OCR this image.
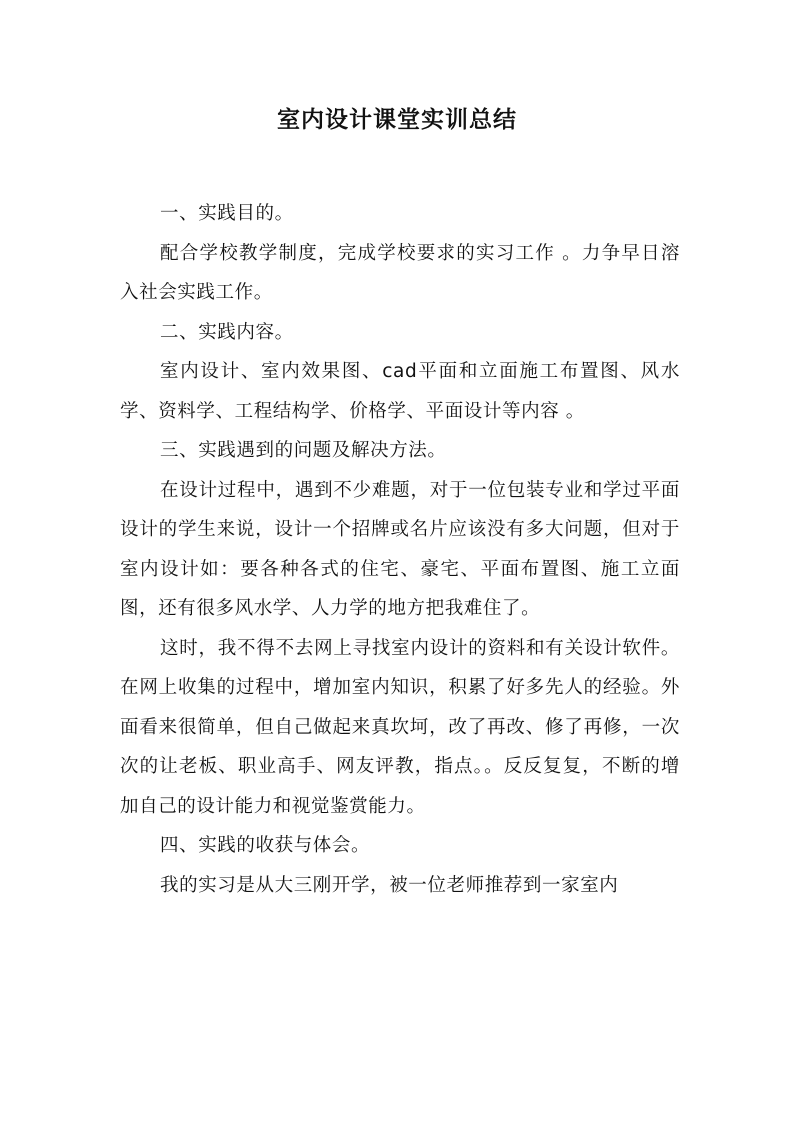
室内设计课堂实训总结

一、实践目的。

配合学校教学制度，完成学校要求的实习工作 。力争早日溶入社会实践工作。

二、实践内容。

室内设计、室内效果图、cad平面和立面施工布置图、风水学、资料学、工程结构学、价格学、平面设计等内容 。

三、实践遇到的问题及解决方法。

在设计过程中，遇到不少难题，对于一位包装专业和学过平面设计的学生来说，设计一个招牌或名片应该没有多大问题，但对于室内设计如：要各种各式的住宅、豪宅、平面布置图、施工立面图，还有很多风水学、人力学的地方把我难住了。

这时，我不得不去网上寻找室内设计的资料和有关设计软件。在网上收集的过程中，增加室内知识，积累了好多先人的经验。外面看来很简单，但自己做起来真坎坷，改了再改、修了再修，一次次的让老板、职业高手、网友评教，指点。。反反复复，不断的增加自己的设计能力和视觉鉴赏能力。

四、实践的收获与体会。

我的实习是从大三刚开学，被一位老师推荐到一家室内
